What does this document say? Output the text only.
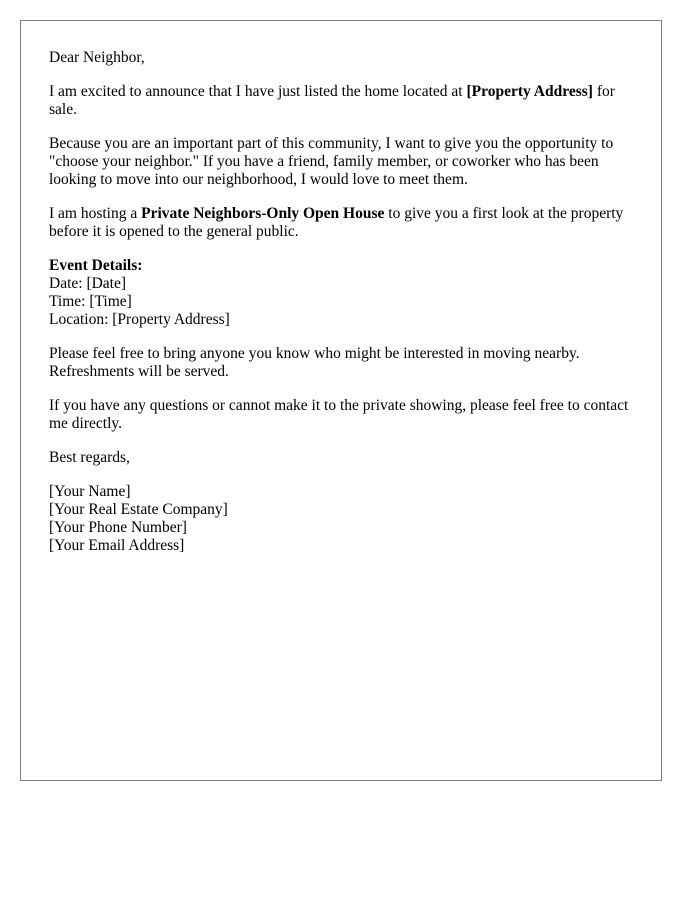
Dear Neighbor,

I am excited to announce that I have just listed the home located at [Property Address] for sale.

Because you are an important part of this community, I want to give you the opportunity to "choose your neighbor." If you have a friend, family member, or coworker who has been looking to move into our neighborhood, I would love to meet them.

I am hosting a Private Neighbors-Only Open House to give you a first look at the property before it is opened to the general public.

Event Details:
Date: [Date]
Time: [Time]
Location: [Property Address]

Please feel free to bring anyone you know who might be interested in moving nearby. Refreshments will be served.

If you have any questions or cannot make it to the private showing, please feel free to contact me directly.

Best regards,

[Your Name]
[Your Real Estate Company]
[Your Phone Number]
[Your Email Address]
